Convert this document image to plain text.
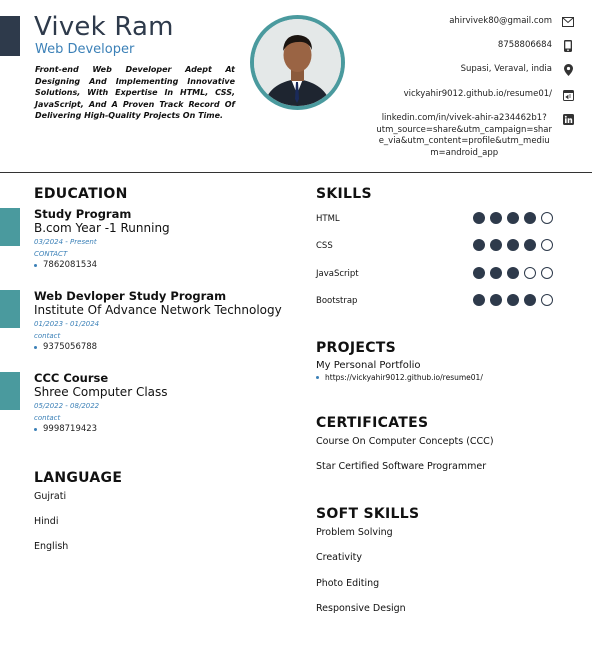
Vivek Ram
Web Developer
Front-end Web Developer Adept At Designing And Implementing Innovative Solutions, With Expertise In HTML, CSS, JavaScript, And A Proven Track Record Of Delivering High-Quality Projects On Time.
ahirvivek80@gmail.com
8758806684
Supasi, Veraval, india
vickyahir9012.github.io/resume01/
linkedin.com/in/vivek-ahir-a234462b1?
utm_source=share&utm_campaign=shar
e_via&utm_content=profile&utm_mediu
m=android_app
EDUCATION
Study Program
B.com Year -1 Running
03/2024 - Present
CONTACT
7862081534
Web Devloper Study Program
Institute Of Advance Network Technology
01/2023 - 01/2024
contact
9375056788
CCC Course
Shree Computer Class
05/2022 - 08/2022
contact
9998719423
LANGUAGE
Gujrati
Hindi
English
SKILLS
HTML
CSS
JavaScript
Bootstrap
PROJECTS
My Personal Portfolio
https://vickyahir9012.github.io/resume01/
CERTIFICATES
Course On Computer Concepts (CCC)
Star Certified Software Programmer
SOFT SKILLS
Problem Solving
Creativity
Photo Editing
Responsive Design
